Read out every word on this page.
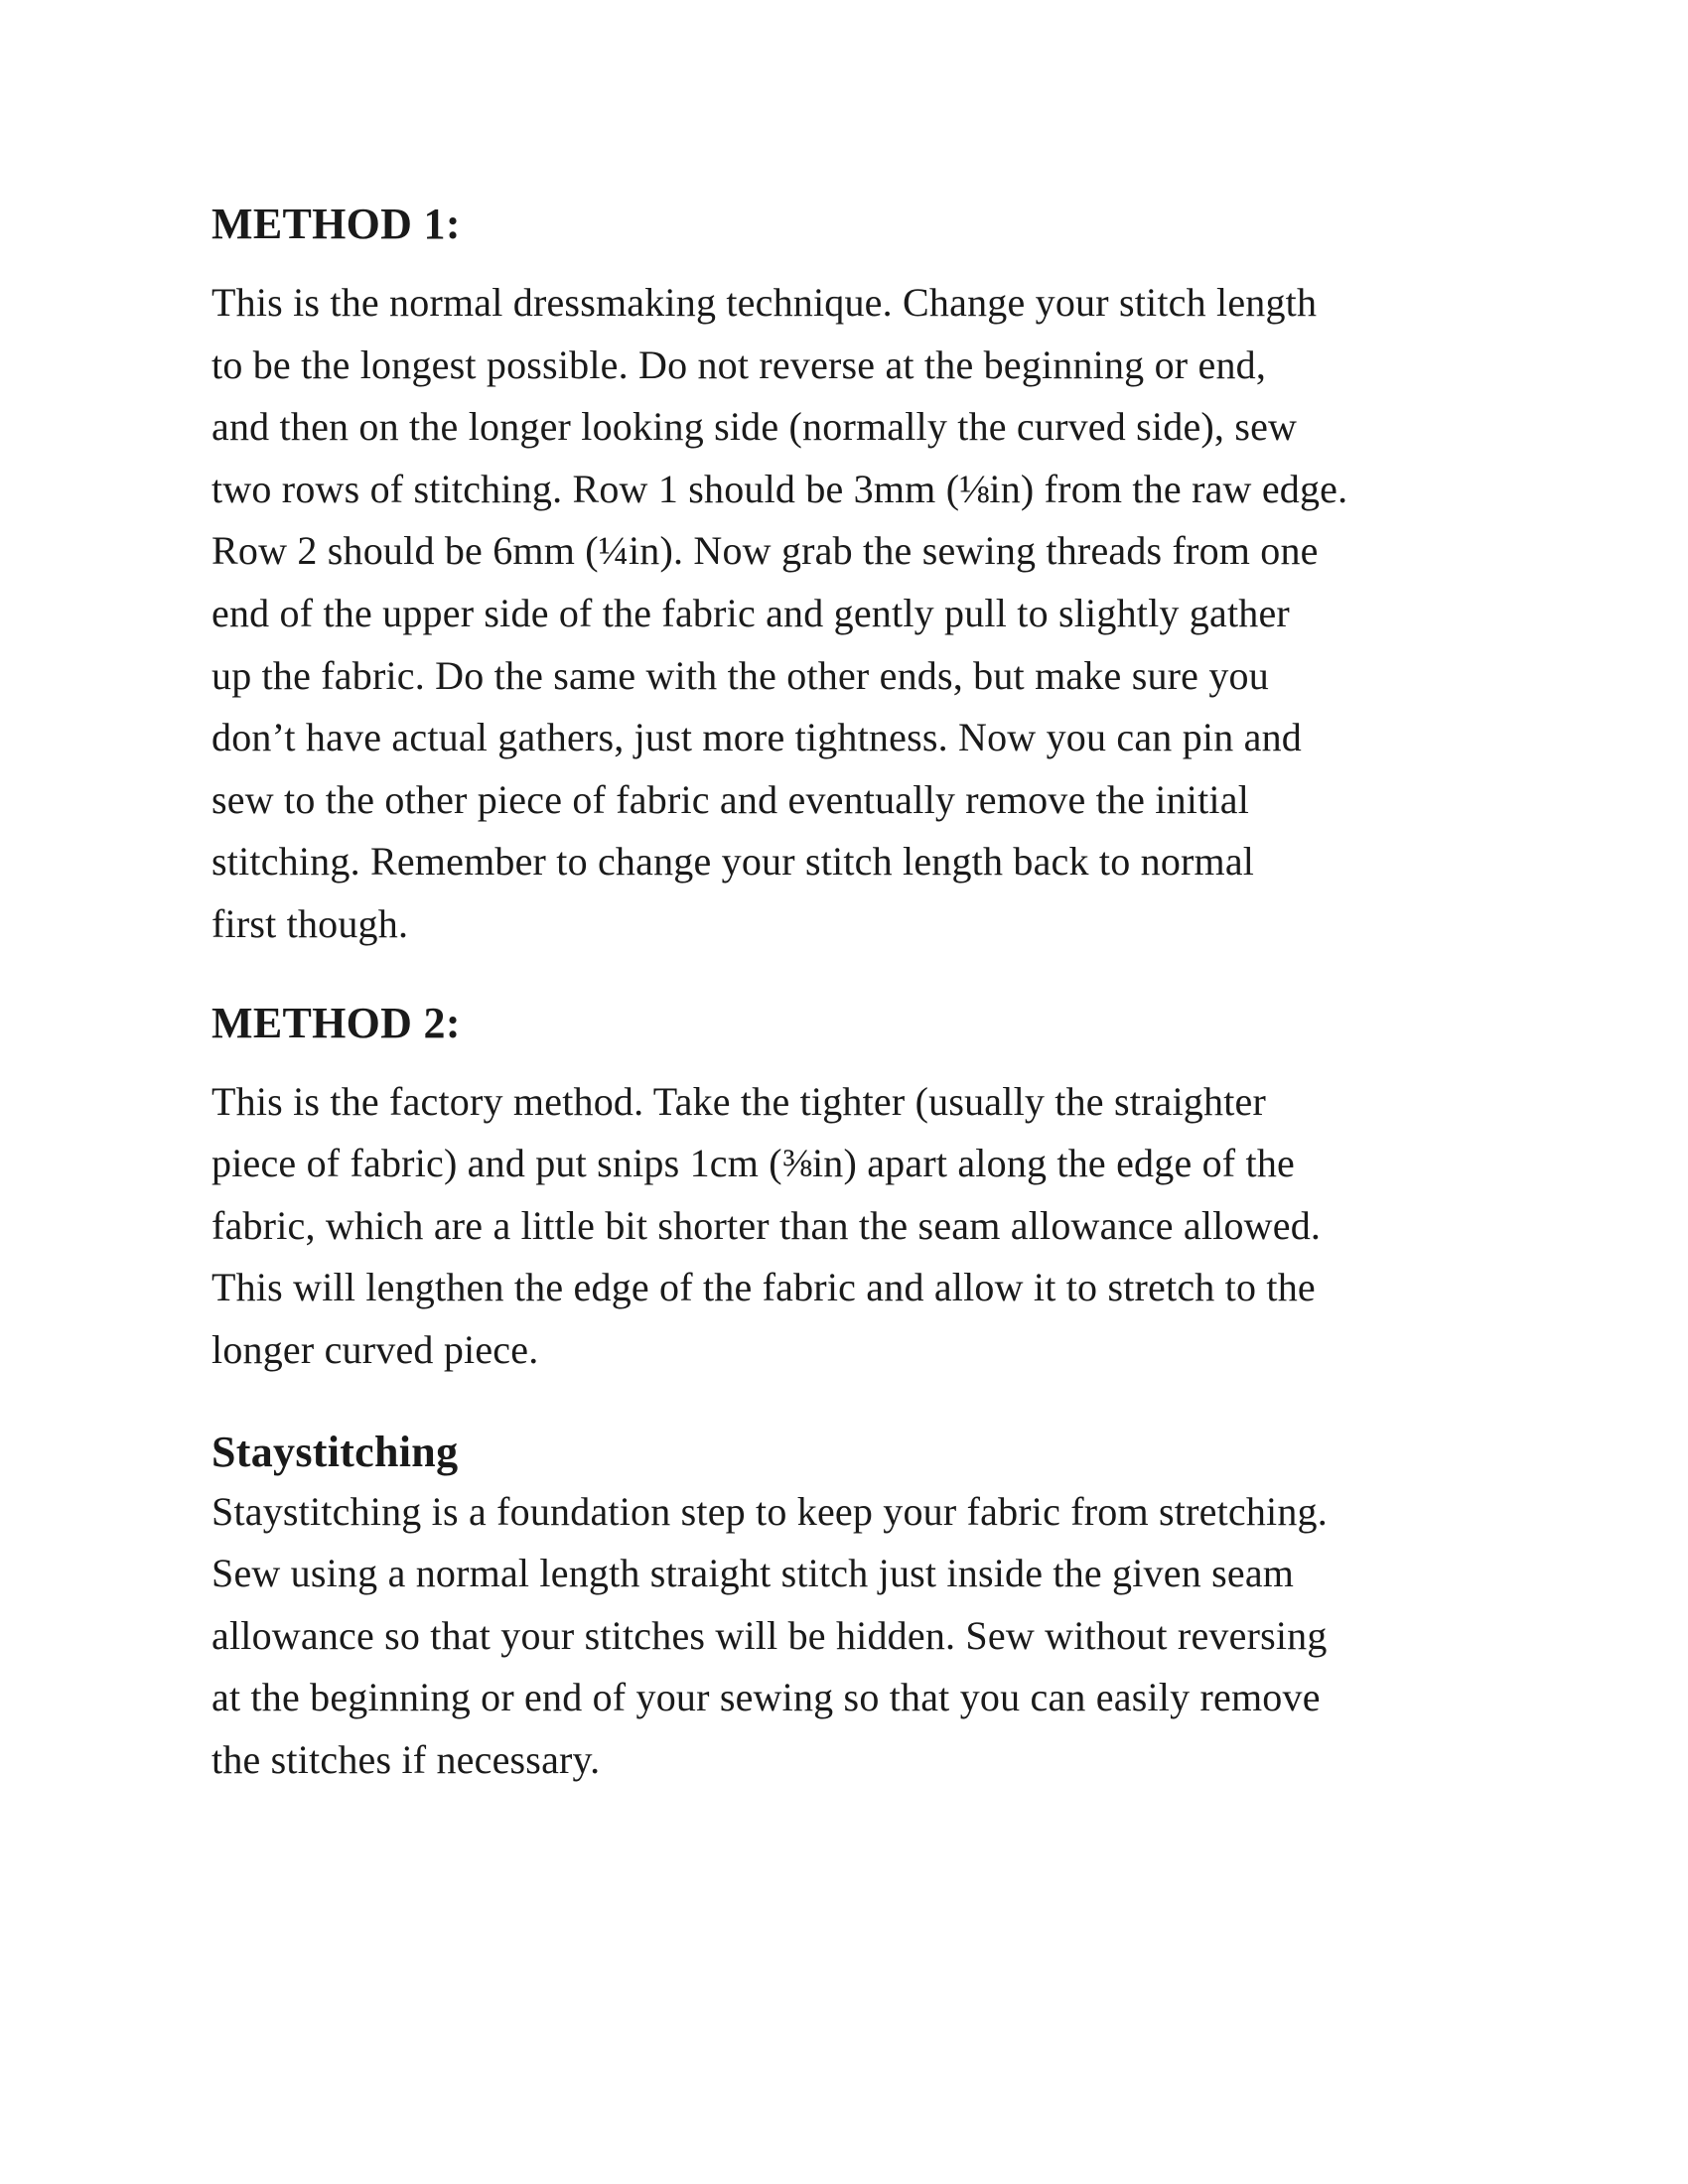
METHOD 1:

This is the normal dressmaking technique. Change your stitch length
to be the longest possible. Do not reverse at the beginning or end,
and then on the longer looking side (normally the curved side), sew
two rows of stitching. Row 1 should be 3mm (⅛in) from the raw edge.
Row 2 should be 6mm (¼in). Now grab the sewing threads from one
end of the upper side of the fabric and gently pull to slightly gather
up the fabric. Do the same with the other ends, but make sure you
don’t have actual gathers, just more tightness. Now you can pin and
sew to the other piece of fabric and eventually remove the initial
stitching. Remember to change your stitch length back to normal
first though.

METHOD 2:

This is the factory method. Take the tighter (usually the straighter
piece of fabric) and put snips 1cm (⅜in) apart along the edge of the
fabric, which are a little bit shorter than the seam allowance allowed.
This will lengthen the edge of the fabric and allow it to stretch to the
longer curved piece.

Staystitching

Staystitching is a foundation step to keep your fabric from stretching.
Sew using a normal length straight stitch just inside the given seam
allowance so that your stitches will be hidden. Sew without reversing
at the beginning or end of your sewing so that you can easily remove
the stitches if necessary.
